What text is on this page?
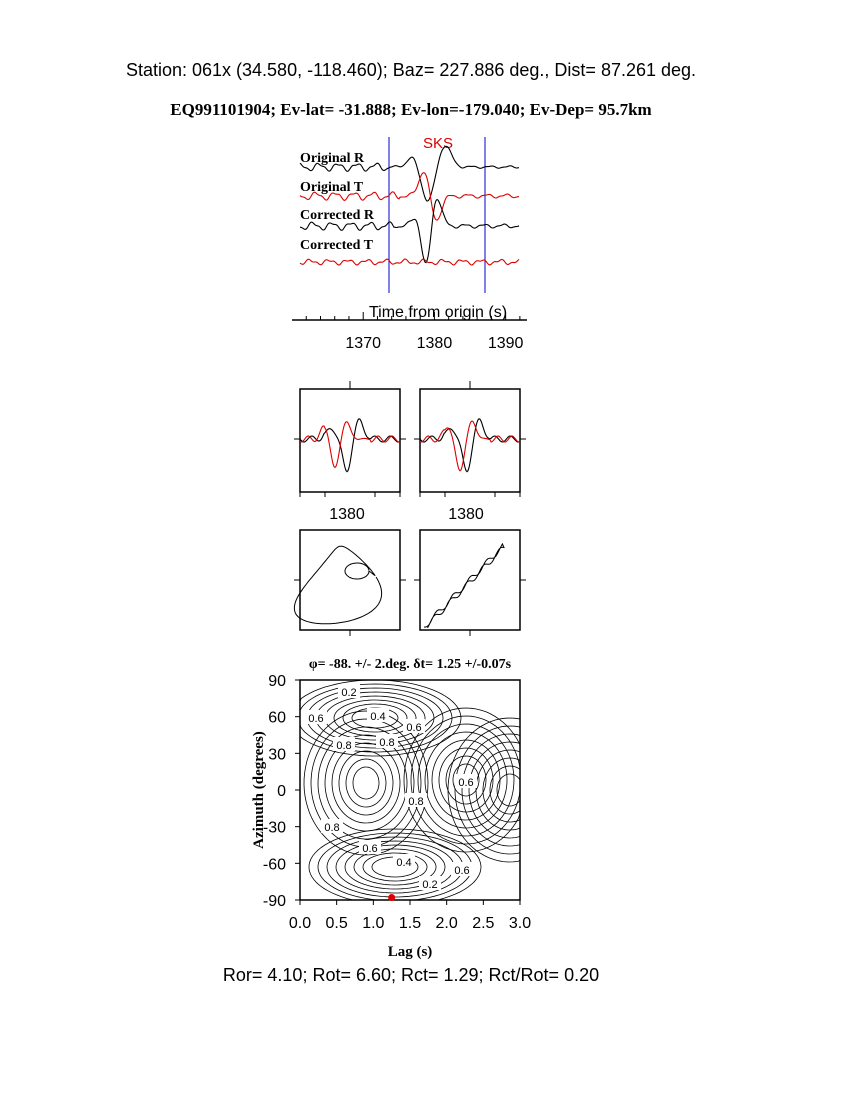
Station: 061x (34.580, -118.460); Baz= 227.886 deg., Dist= 87.261 deg.
EQ991101904; Ev-lat= -31.888; Ev-lon=-179.040; Ev-Dep= 95.7km
SKS
Original R
Original T
Corrected R
Corrected T
Time from origin (s)
1370 1380 1390
1380	1380
φ= -88. +/- 2.deg. δt= 1.25 +/-0.07s
0.2
0.4
0.6
0.6
0.8	0.8
0.6
0.8
0.8
0.6
0.4
0.6
0.2
0.0 0.5 1.0 1.5 2.0 2.5 3.0
90
60
30
0
-30
-60
-90
Lag (s)
Azimuth (degrees)
Ror= 4.10; Rot= 6.60; Rct= 1.29; Rct/Rot= 0.20
